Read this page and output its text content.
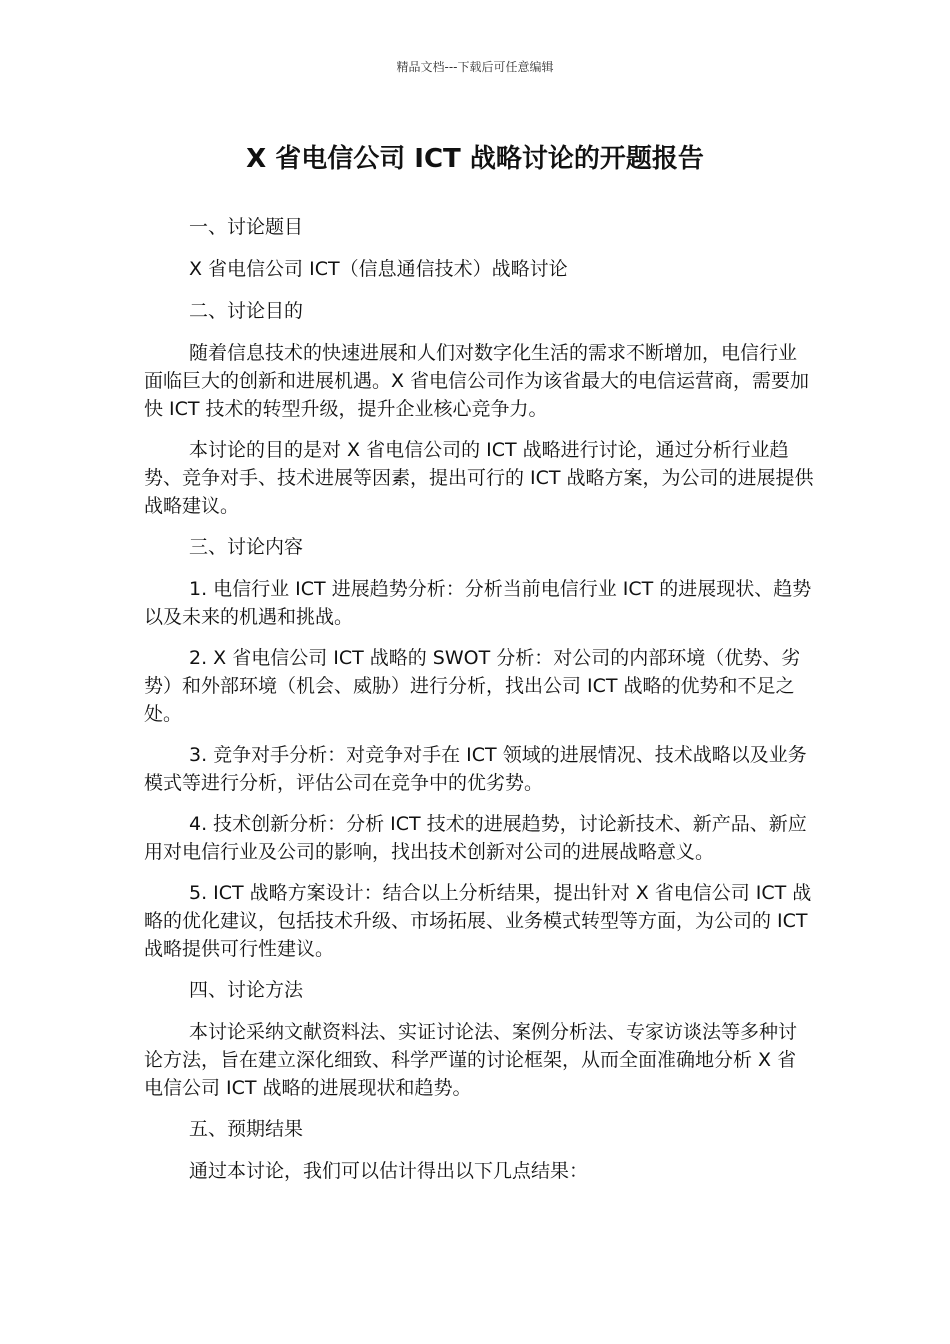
精品文档---下载后可任意编辑
X 省电信公司 ICT 战略讨论的开题报告

一、讨论题目

X 省电信公司 ICT（信息通信技术）战略讨论

二、讨论目的

随着信息技术的快速进展和人们对数字化生活的需求不断增加，电信行业面临巨大的创新和进展机遇。X 省电信公司作为该省最大的电信运营商，需要加快 ICT 技术的转型升级，提升企业核心竞争力。

本讨论的目的是对 X 省电信公司的 ICT 战略进行讨论，通过分析行业趋势、竞争对手、技术进展等因素，提出可行的 ICT 战略方案，为公司的进展提供战略建议。

三、讨论内容

1. 电信行业 ICT 进展趋势分析：分析当前电信行业 ICT 的进展现状、趋势以及未来的机遇和挑战。

2. X 省电信公司 ICT 战略的 SWOT 分析：对公司的内部环境（优势、劣势）和外部环境（机会、威胁）进行分析，找出公司 ICT 战略的优势和不足之处。

3. 竞争对手分析：对竞争对手在 ICT 领域的进展情况、技术战略以及业务模式等进行分析，评估公司在竞争中的优劣势。

4. 技术创新分析：分析 ICT 技术的进展趋势，讨论新技术、新产品、新应用对电信行业及公司的影响，找出技术创新对公司的进展战略意义。

5. ICT 战略方案设计：结合以上分析结果，提出针对 X 省电信公司 ICT 战略的优化建议，包括技术升级、市场拓展、业务模式转型等方面，为公司的 ICT 战略提供可行性建议。

四、讨论方法

本讨论采纳文献资料法、实证讨论法、案例分析法、专家访谈法等多种讨论方法，旨在建立深化细致、科学严谨的讨论框架，从而全面准确地分析 X 省电信公司 ICT 战略的进展现状和趋势。

五、预期结果

通过本讨论，我们可以估计得出以下几点结果：
